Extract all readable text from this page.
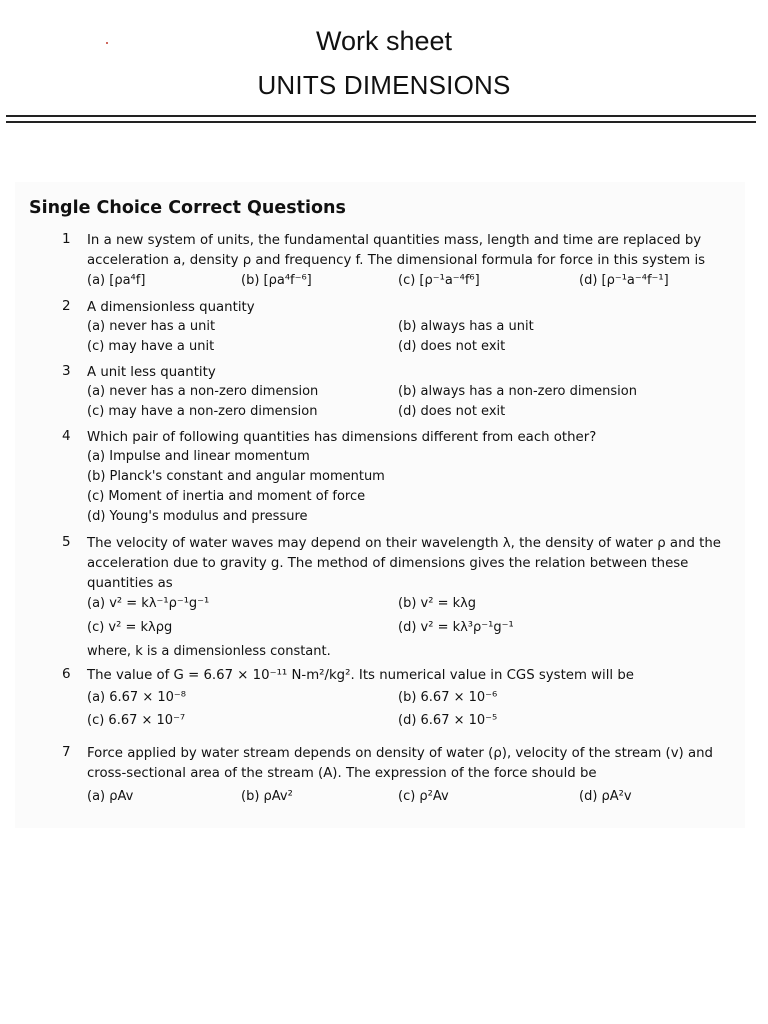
Work sheet
UNITS DIMENSIONS
Single Choice Correct Questions
1 In a new system of units, the fundamental quantities mass, length and time are replaced by acceleration a, density ρ and frequency f. The dimensional formula for force in this system is
(a) [ρa⁴f]	(b) [ρa⁴f⁻⁶]	(c) [ρ⁻¹a⁻⁴f⁶]	(d) [ρ⁻¹a⁻⁴f⁻¹]
2 A dimensionless quantity
(a) never has a unit	(b) always has a unit
(c) may have a unit	(d) does not exit
3 A unit less quantity
(a) never has a non-zero dimension	(b) always has a non-zero dimension
(c) may have a non-zero dimension	(d) does not exit
4 Which pair of following quantities has dimensions different from each other?
(a) Impulse and linear momentum
(b) Planck's constant and angular momentum
(c) Moment of inertia and moment of force
(d) Young's modulus and pressure
5 The velocity of water waves may depend on their wavelength λ, the density of water ρ and the acceleration due to gravity g. The method of dimensions gives the relation between these quantities as
(a) v² = kλ⁻¹ρ⁻¹g⁻¹	(b) v² = kλg
(c) v² = kλρg	(d) v² = kλ³ρ⁻¹g⁻¹
where, k is a dimensionless constant.
6 The value of G = 6.67 × 10⁻¹¹ N-m²/kg². Its numerical value in CGS system will be
(a) 6.67 × 10⁻⁸	(b) 6.67 × 10⁻⁶
(c) 6.67 × 10⁻⁷	(d) 6.67 × 10⁻⁵
7 Force applied by water stream depends on density of water (ρ), velocity of the stream (v) and cross-sectional area of the stream (A). The expression of the force should be
(a) ρAv	(b) ρAv²	(c) ρ²Av	(d) ρA²v
